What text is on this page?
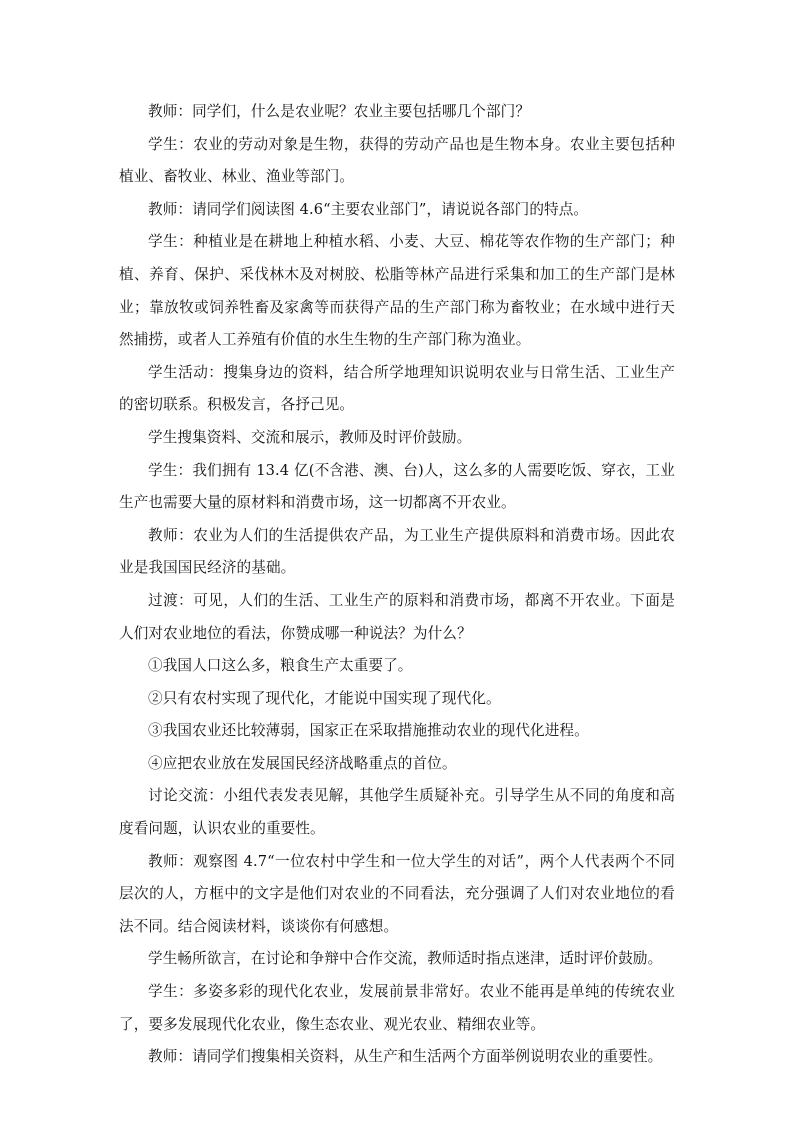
教师：同学们，什么是农业呢？农业主要包括哪几个部门？

学生：农业的劳动对象是生物，获得的劳动产品也是生物本身。农业主要包括种植业、畜牧业、林业、渔业等部门。

教师：请同学们阅读图 4.6“主要农业部门”，请说说各部门的特点。

学生：种植业是在耕地上种植水稻、小麦、大豆、棉花等农作物的生产部门；种植、养育、保护、采伐林木及对树胶、松脂等林产品进行采集和加工的生产部门是林业；靠放牧或饲养牲畜及家禽等而获得产品的生产部门称为畜牧业；在水域中进行天然捕捞，或者人工养殖有价值的水生生物的生产部门称为渔业。

学生活动：搜集身边的资料，结合所学地理知识说明农业与日常生活、工业生产的密切联系。积极发言，各抒己见。

学生搜集资料、交流和展示，教师及时评价鼓励。

学生：我们拥有 13.4 亿(不含港、澳、台)人，这么多的人需要吃饭、穿衣，工业生产也需要大量的原材料和消费市场，这一切都离不开农业。

教师：农业为人们的生活提供农产品，为工业生产提供原料和消费市场。因此农业是我国国民经济的基础。

过渡：可见，人们的生活、工业生产的原料和消费市场，都离不开农业。下面是人们对农业地位的看法，你赞成哪一种说法？为什么？

①我国人口这么多，粮食生产太重要了。

②只有农村实现了现代化，才能说中国实现了现代化。

③我国农业还比较薄弱，国家正在采取措施推动农业的现代化进程。

④应把农业放在发展国民经济战略重点的首位。

讨论交流：小组代表发表见解，其他学生质疑补充。引导学生从不同的角度和高度看问题，认识农业的重要性。

教师：观察图 4.7“一位农村中学生和一位大学生的对话”，两个人代表两个不同层次的人，方框中的文字是他们对农业的不同看法，充分强调了人们对农业地位的看法不同。结合阅读材料，谈谈你有何感想。

学生畅所欲言，在讨论和争辩中合作交流，教师适时指点迷津，适时评价鼓励。

学生：多姿多彩的现代化农业，发展前景非常好。农业不能再是单纯的传统农业了，要多发展现代化农业，像生态农业、观光农业、精细农业等。

教师：请同学们搜集相关资料，从生产和生活两个方面举例说明农业的重要性。
